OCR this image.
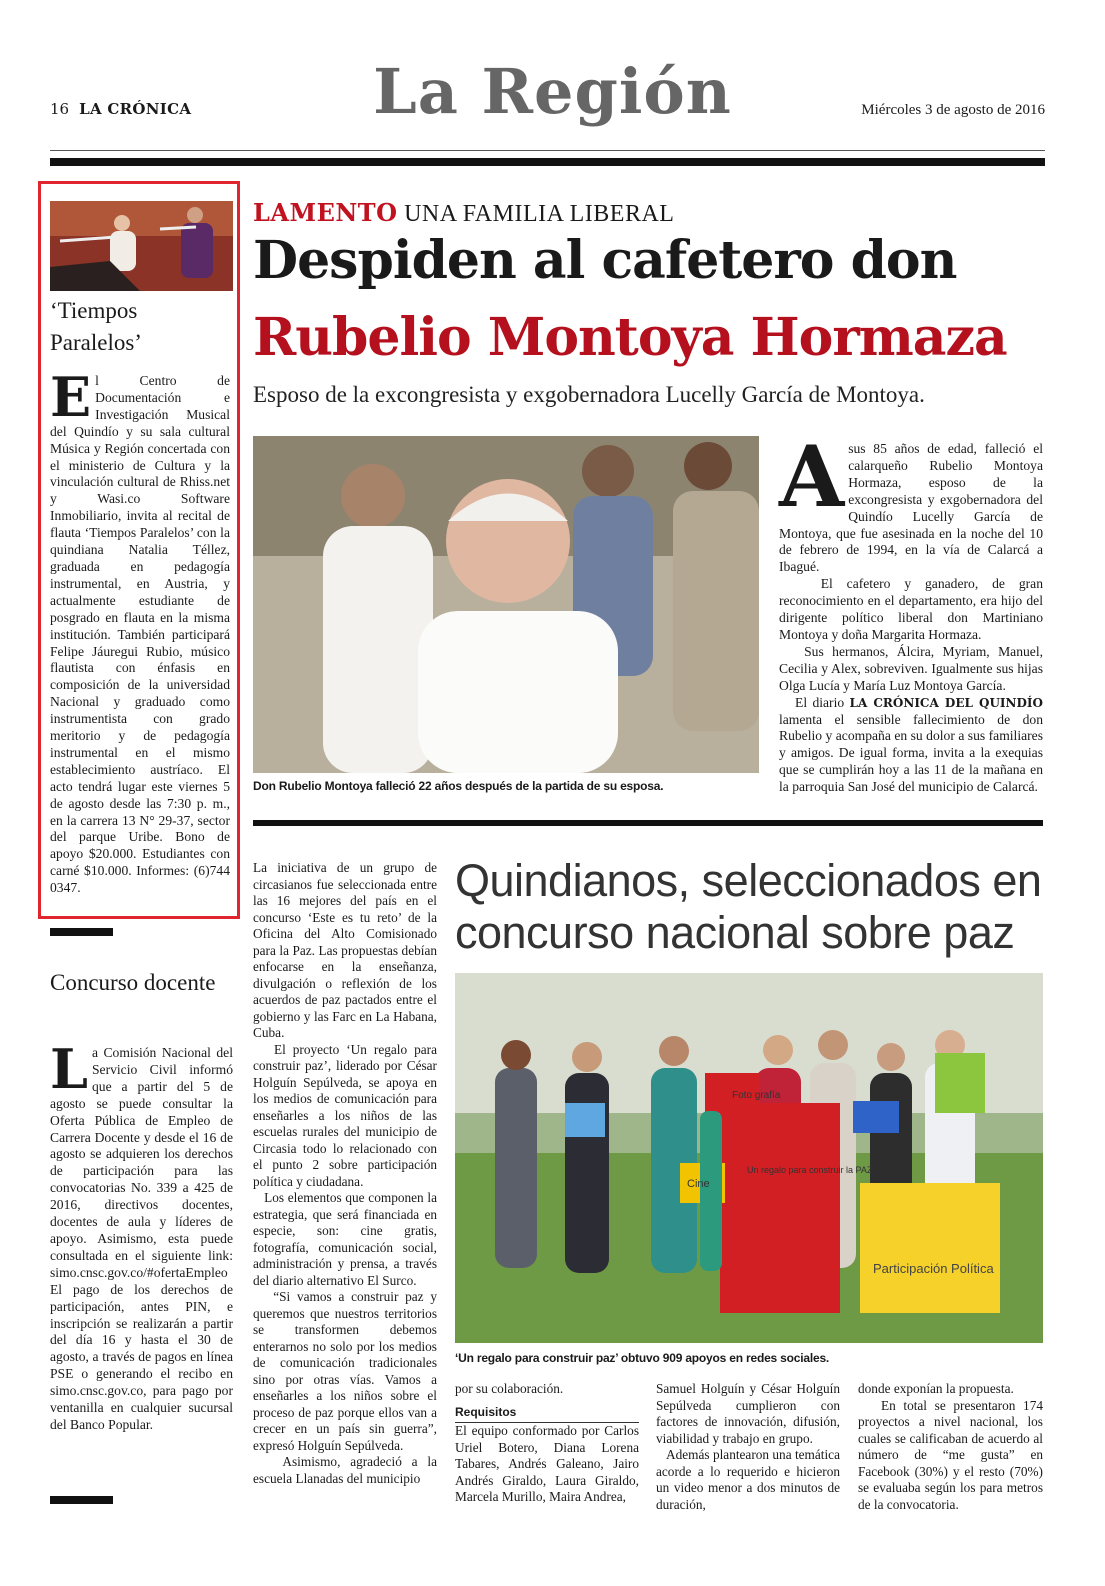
16 LA CRÓNICA	La Región	Miércoles 3 de agosto de 2016
‘Tiempos Paralelos’
El Centro de Documentación e Investigación Musical del Quindío y su sala cultural Música y Región concertada con el ministerio de Cultura y la vinculación cultural de Rhiss.net y Wasi.co Software Inmobiliario, invita al recital de flauta ‘Tiempos Paralelos’ con la quindiana Natalia Téllez, graduada en pedagogía instrumental, en Austria, y actualmente estudiante de posgrado en flauta en la misma institución. También participará Felipe Jáuregui Rubio, músico flautista con énfasis en composición de la universidad Nacional y graduado como instrumentista con grado meritorio y de pedagogía instrumental en el mismo establecimiento austríaco. El acto tendrá lugar este viernes 5 de agosto desde las 7:30 p. m., en la carrera 13 N° 29-37, sector del parque Uribe. Bono de apoyo $20.000. Estudiantes con carné $10.000. Informes: (6)744 0347.
Concurso docente
La Comisión Nacional del Servicio Civil informó que a partir del 5 de agosto se puede consultar la Oferta Pública de Empleo de Carrera Docente y desde el 16 de agosto se adquieren los derechos de participación para las convocatorias No. 339 a 425 de 2016, directivos docentes, docentes de aula y líderes de apoyo. Asimismo, esta puede consultada en el siguiente link: simo.cnsc.gov.co/#ofertaEmpleo El pago de los derechos de participación, antes PIN, e inscripción se realizarán a partir del día 16 y hasta el 30 de agosto, a través de pagos en línea PSE o generando el recibo en simo.cnsc.gov.co, para pago por ventanilla en cualquier sucursal del Banco Popular.
LAMENTO UNA FAMILIA LIBERAL
Despiden al cafetero don
Rubelio Montoya Hormaza
Esposo de la excongresista y exgobernadora Lucelly García de Montoya.
Don Rubelio Montoya falleció 22 años después de la partida de su esposa.
A sus 85 años de edad, falleció el calarqueño Rubelio Montoya Hormaza, esposo de la excongresista y exgobernadora del Quindío Lucelly García de Montoya, que fue asesinada en la noche del 10 de febrero de 1994, en la vía de Calarcá a Ibagué.
El cafetero y ganadero, de gran reconocimiento en el departamento, era hijo del dirigente político liberal don Martiniano Montoya y doña Margarita Hormaza.
Sus hermanos, Álcira, Myriam, Manuel, Cecilia y Alex, sobreviven. Igualmente sus hijas Olga Lucía y María Luz Montoya García.
El diario LA CRÓNICA DEL QUINDÍO lamenta el sensible fallecimiento de don Rubelio y acompaña en su dolor a sus familiares y amigos. De igual forma, invita a la exequias que se cumplirán hoy a las 11 de la mañana en la parroquia San José del municipio de Calarcá.
La iniciativa de un grupo de circasianos fue seleccionada entre las 16 mejores del país en el concurso ‘Este es tu reto’ de la Oficina del Alto Comisionado para la Paz. Las propuestas debían enfocarse en la enseñanza, divulgación o reflexión de los acuerdos de paz pactados entre el gobierno y las Farc en La Habana, Cuba.
El proyecto ‘Un regalo para construir paz’, liderado por César Holguín Sepúlveda, se apoya en los medios de comunicación para enseñarles a los niños de las escuelas rurales del municipio de Circasia todo lo relacionado con el punto 2 sobre participación política y ciudadana.
Los elementos que componen la estrategia, que será financiada en especie, son: cine gratis, fotografía, comunicación social, administración y prensa, a través del diario alternativo El Surco.
“Si vamos a construir paz y queremos que nuestros territorios se transformen debemos enterarnos no solo por los medios de comunicación tradicionales sino por otras vías. Vamos a enseñarles a los niños sobre el proceso de paz porque ellos van a crecer en un país sin guerra”, expresó Holguín Sepúlveda.
Asimismo, agradeció a la escuela Llanadas del municipio
Quindianos, seleccionados en concurso nacional sobre paz
Foto grafía
Un regalo para construir la PAZ
Cine
Participación Política
‘Un regalo para construir paz’ obtuvo 909 apoyos en redes sociales.
por su colaboración.
Requisitos
El equipo conformado por Carlos Uriel Botero, Diana Lorena Tabares, Andrés Galeano, Jairo Andrés Giraldo, Laura Giraldo, Marcela Murillo, Maira Andrea,
Samuel Holguín y César Holguín Sepúlveda cumplieron con factores de innovación, difusión, viabilidad y trabajo en grupo.
Además plantearon una temática acorde a lo requerido e hicieron un video menor a dos minutos de duración,
donde exponían la propuesta.
En total se presentaron 174 proyectos a nivel nacional, los cuales se calificaban de acuerdo al número de “me gusta” en Facebook (30%) y el resto (70%) se evaluaba según los para metros de la convocatoria.
